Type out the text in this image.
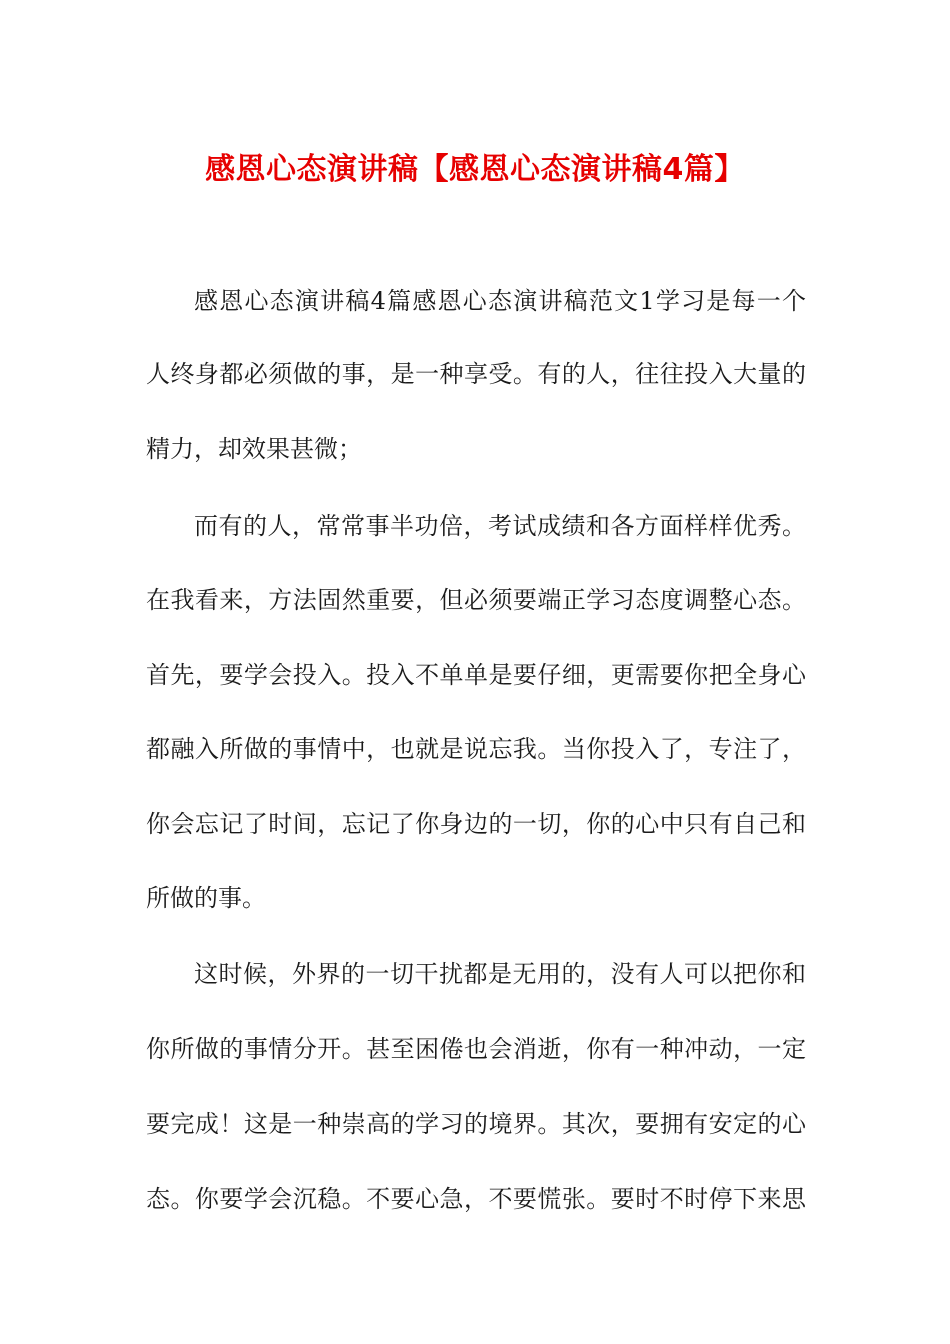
感恩心态演讲稿【感恩心态演讲稿4篇】
感恩心态演讲稿4篇感恩心态演讲稿范文1学习是每一个
人终身都必须做的事，是一种享受。有的人，往往投入大量的
精力，却效果甚微；
而有的人，常常事半功倍，考试成绩和各方面样样优秀。
在我看来，方法固然重要，但必须要端正学习态度调整心态。
首先，要学会投入。投入不单单是要仔细，更需要你把全身心
都融入所做的事情中，也就是说忘我。当你投入了，专注了，
你会忘记了时间，忘记了你身边的一切，你的心中只有自己和
所做的事。
这时候，外界的一切干扰都是无用的，没有人可以把你和
你所做的事情分开。甚至困倦也会消逝，你有一种冲动，一定
要完成！这是一种崇高的学习的境界。其次，要拥有安定的心
态。你要学会沉稳。不要心急，不要慌张。要时不时停下来思
